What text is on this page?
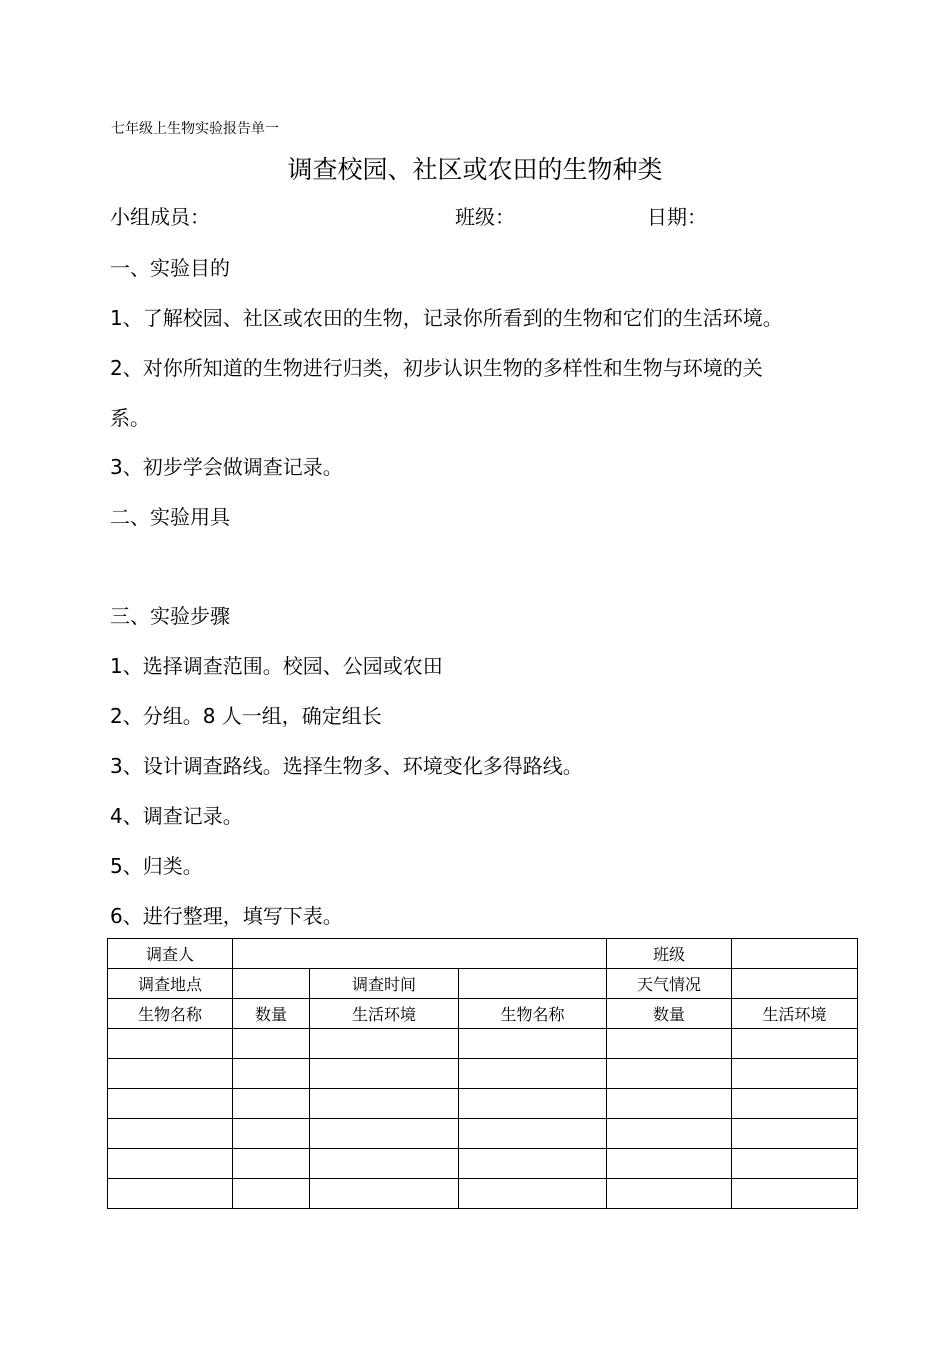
七年级上生物实验报告单一
调查校园、社区或农田的生物种类
小组成员：	班级：	日期：
一、实验目的
1、了解校园、社区或农田的生物，记录你所看到的生物和它们的生活环境。
2、对你所知道的生物进行归类，初步认识生物的多样性和生物与环境的关
系。
3、初步学会做调查记录。
二、实验用具
三、实验步骤
1、选择调查范围。校园、公园或农田
2、分组。8 人一组，确定组长
3、设计调查路线。选择生物多、环境变化多得路线。
4、调查记录。
5、归类。
6、进行整理，填写下表。
调查人				班级	
调查地点		调查时间		天气情况	
生物名称	数量	生活环境	生物名称	数量	生活环境
